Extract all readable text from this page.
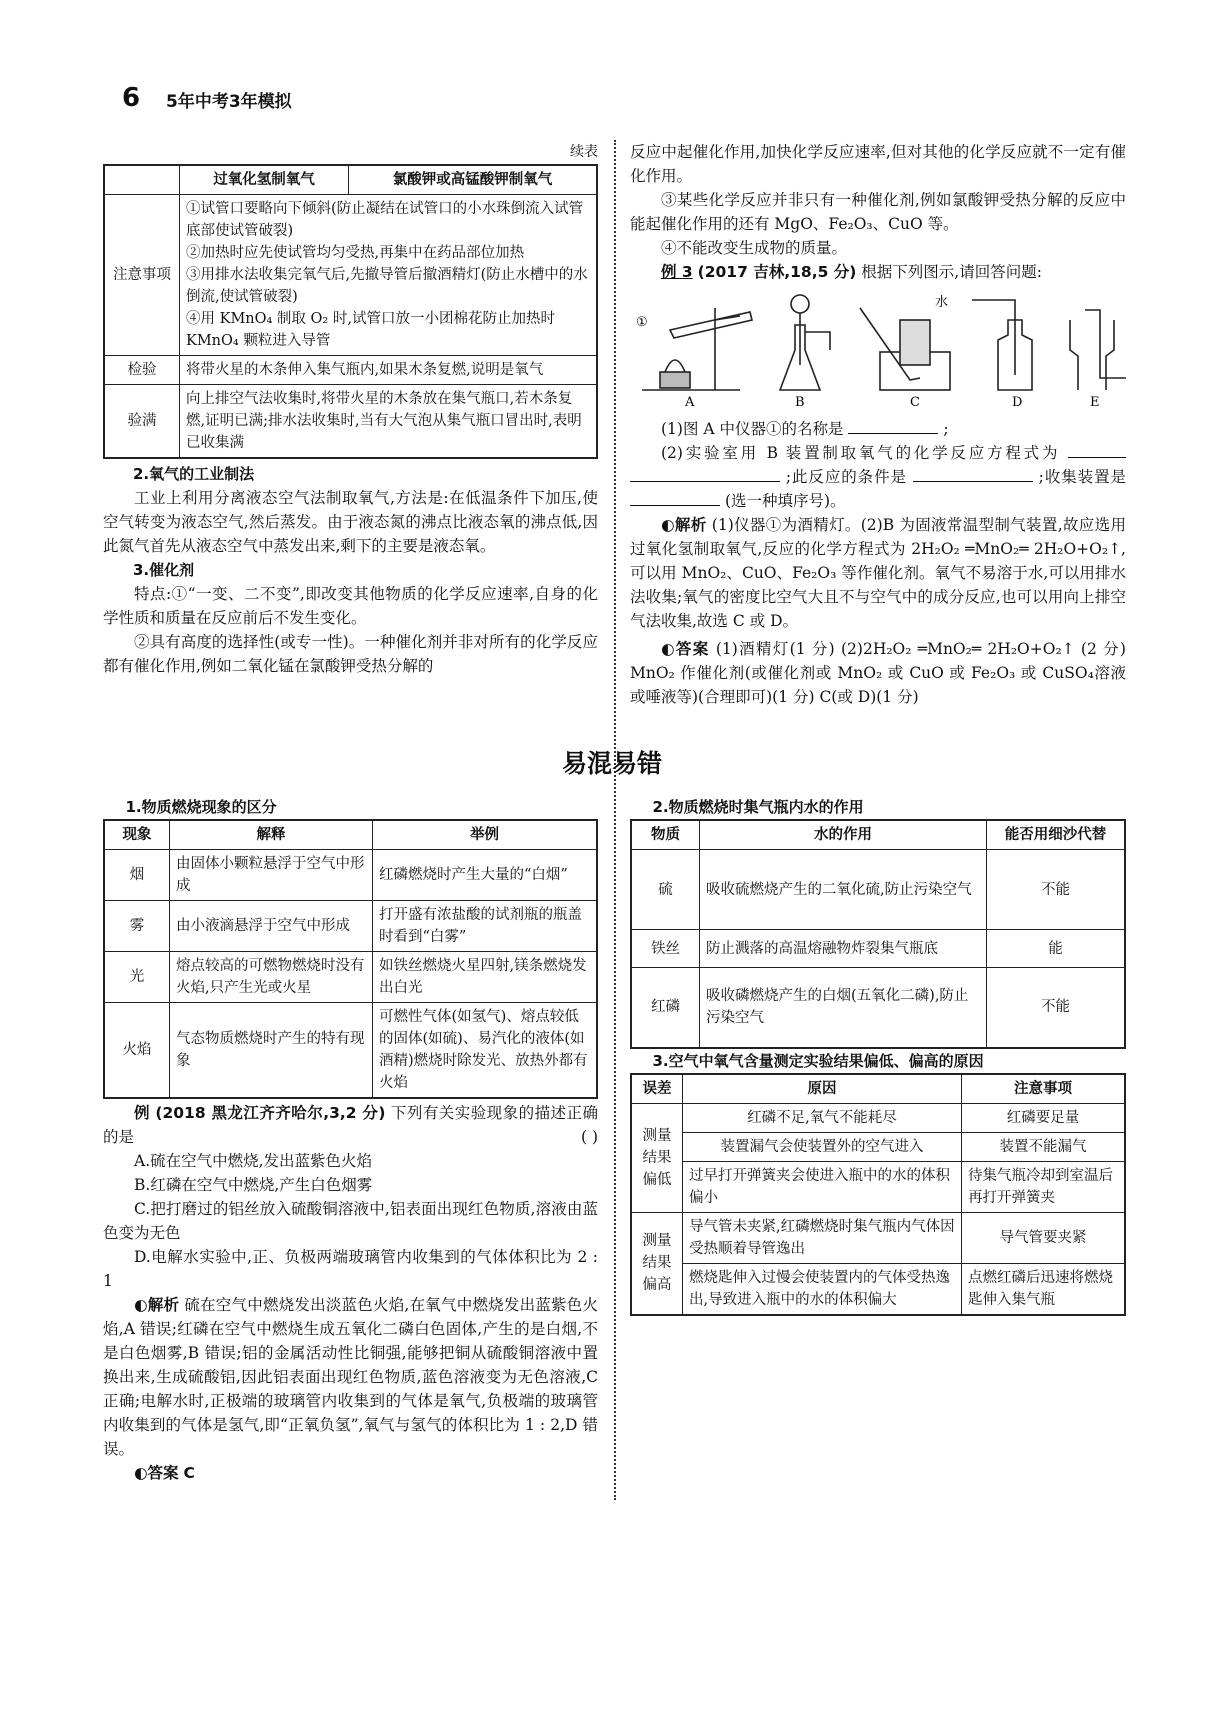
6 5年中考3年模拟
续表
	过氧化氢制氧气	氯酸钾或高锰酸钾制氧气
注意事项	①试管口要略向下倾斜(防止凝结在试管口的小水珠倒流入试管底部使试管破裂)
②加热时应先使试管均匀受热,再集中在药品部位加热
③用排水法收集完氧气后,先撤导管后撤酒精灯(防止水槽中的水倒流,使试管破裂)
④用 KMnO₄ 制取 O₂ 时,试管口放一小团棉花防止加热时 KMnO₄ 颗粒进入导管	

检验	将带火星的木条伸入集气瓶内,如果木条复燃,说明是氧气	
验满	向上排空气法收集时,将带火星的木条放在集气瓶口,若木条复燃,证明已满;排水法收集时,当有大气泡从集气瓶口冒出时,表明已收集满	

2.氧气的工业制法

工业上利用分离液态空气法制取氧气,方法是:在低温条件下加压,使空气转变为液态空气,然后蒸发。由于液态氮的沸点比液态氧的沸点低,因此氮气首先从液态空气中蒸发出来,剩下的主要是液态氧。

3.催化剂

特点:①“一变、二不变”,即改变其他物质的化学反应速率,自身的化学性质和质量在反应前后不发生变化。

②具有高度的选择性(或专一性)。一种催化剂并非对所有的化学反应都有催化作用,例如二氧化锰在氯酸钾受热分解的

反应中起催化作用,加快化学反应速率,但对其他的化学反应就不一定有催化作用。

③某些化学反应并非只有一种催化剂,例如氯酸钾受热分解的反应中能起催化作用的还有 MgO、Fe₂O₃、CuO 等。

④不能改变生成物的质量。

例 3 (2017 吉林,18,5 分) 根据下列图示,请回答问题:

①
水
A	B	C	D	E

(1)图 A 中仪器①的名称是	;

(2)实验室用 B 装置制取氧气的化学反应方程式为   ;此反应的条件是	;收集装置是  (选一种填序号)。

◐解析 (1)仪器①为酒精灯。(2)B 为固液常温型制气装置,故应选用过氧化氢制取氧气,反应的化学方程式为 2H₂O₂ ═MnO₂═ 2H₂O+O₂↑,可以用 MnO₂、CuO、Fe₂O₃ 等作催化剂。氧气不易溶于水,可以用排水法收集;氧气的密度比空气大且不与空气中的成分反应,也可以用向上排空气法收集,故选 C 或 D。

◐答案 (1)酒精灯(1 分) (2)2H₂O₂ ═MnO₂═ 2H₂O+O₂↑ (2 分) MnO₂ 作催化剂(或催化剂或 MnO₂ 或 CuO 或 Fe₂O₃ 或 CuSO₄溶液或唾液等)(合理即可)(1 分) C(或 D)(1 分)

易混易错

1.物质燃烧现象的区分

现象	解释	举例
烟	由固体小颗粒悬浮于空气中形成	红磷燃烧时产生大量的“白烟”
雾	由小液滴悬浮于空气中形成	打开盛有浓盐酸的试剂瓶的瓶盖时看到“白雾”
光	熔点较高的可燃物燃烧时没有火焰,只产生光或火星	如铁丝燃烧火星四射,镁条燃烧发出白光
火焰	气态物质燃烧时产生的特有现象	可燃性气体(如氢气)、熔点较低的固体(如硫)、易汽化的液体(如酒精)燃烧时除发光、放热外都有火焰

例 (2018 黑龙江齐齐哈尔,3,2 分) 下列有关实验现象的描述正确的是	( )

A.硫在空气中燃烧,发出蓝紫色火焰

B.红磷在空气中燃烧,产生白色烟雾

C.把打磨过的铝丝放入硫酸铜溶液中,铝表面出现红色物质,溶液由蓝色变为无色

D.电解水实验中,正、负极两端玻璃管内收集到的气体体积比为 2 : 1

◐解析 硫在空气中燃烧发出淡蓝色火焰,在氧气中燃烧发出蓝紫色火焰,A 错误;红磷在空气中燃烧生成五氧化二磷白色固体,产生的是白烟,不是白色烟雾,B 错误;铝的金属活动性比铜强,能够把铜从硫酸铜溶液中置换出来,生成硫酸铝,因此铝表面出现红色物质,蓝色溶液变为无色溶液,C 正确;电解水时,正极端的玻璃管内收集到的气体是氧气,负极端的玻璃管内收集到的气体是氢气,即“正氧负氢”,氧气与氢气的体积比为 1 : 2,D 错误。

◐答案 C

2.物质燃烧时集气瓶内水的作用

物质	水的作用	能否用细沙代替
硫	吸收硫燃烧产生的二氧化硫,防止污染空气	不能
铁丝	防止溅落的高温熔融物炸裂集气瓶底	能
红磷	吸收磷燃烧产生的白烟(五氧化二磷),防止污染空气	不能

3.空气中氧气含量测定实验结果偏低、偏高的原因

误差	原因	注意事项
测量结果偏低	红磷不足,氧气不能耗尽	红磷要足量
	装置漏气会使装置外的空气进入	装置不能漏气
	过早打开弹簧夹会使进入瓶中的水的体积偏小	待集气瓶冷却到室温后再打开弹簧夹
测量结果偏高	导气管未夹紧,红磷燃烧时集气瓶内气体因受热顺着导管逸出	导气管要夹紧
	燃烧匙伸入过慢会使装置内的气体受热逸出,导致进入瓶中的水的体积偏大	点燃红磷后迅速将燃烧匙伸入集气瓶
